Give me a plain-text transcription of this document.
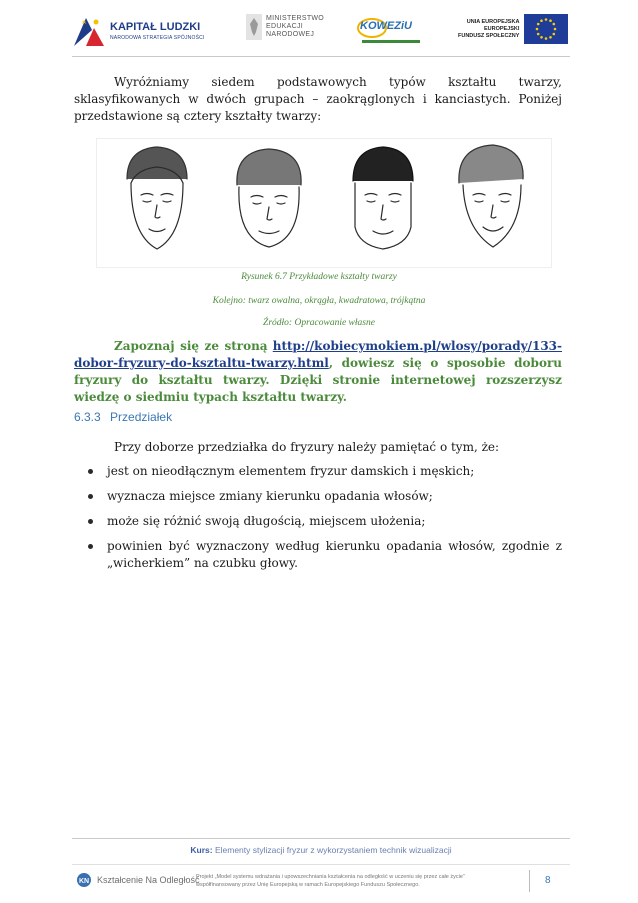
KAPITAŁ LUDZKI
NARODOWA STRATEGIA SPÓJNOŚCI
MINISTERSTWO
EDUKACJI
NARODOWEJ
KOWEZiU	UNIA EUROPEJSKA
EUROPEJSKI
FUNDUSZ SPOŁECZNY

Wyróżniamy siedem podstawowych typów kształtu twarzy, sklasyfikowanych w dwóch grupach – zaokrąglonych i kanciastych. Poniżej przedstawione są cztery kształty twarzy:

Rysunek 6.7 Przykładowe kształty twarzy
Kolejno: twarz owalna, okrągła, kwadratowa, trójkątna
Źródło: Opracowanie własne

Zapoznaj się ze stroną http://kobiecymokiem.pl/wlosy/porady/133-dobor-fryzury-do-ksztaltu-twarzy.html, dowiesz się o sposobie doboru fryzury do kształtu twarzy. Dzięki stronie internetowej rozszerzysz wiedzę o siedmiu typach kształtu twarzy.

6.3.3 Przedziałek

Przy doborze przedziałka do fryzury należy pamiętać o tym, że:

jest on nieodłącznym elementem fryzur damskich i męskich;
wyznacza miejsce zmiany kierunku opadania włosów;
może się różnić swoją długością, miejscem ułożenia;
powinien być wyznaczony według kierunku opadania włosów, zgodnie z „wicherkiem” na czubku głowy.
Kurs: Elementy stylizacji fryzur z wykorzystaniem technik wizualizacji
KN Kształcenie Na Odległość
Projekt „Model systemu wdrażania i upowszechniania kształcenia na odległość w uczeniu się przez całe życie”
współfinansowany przez Unię Europejską w ramach Europejskiego Funduszu Społecznego.	8
